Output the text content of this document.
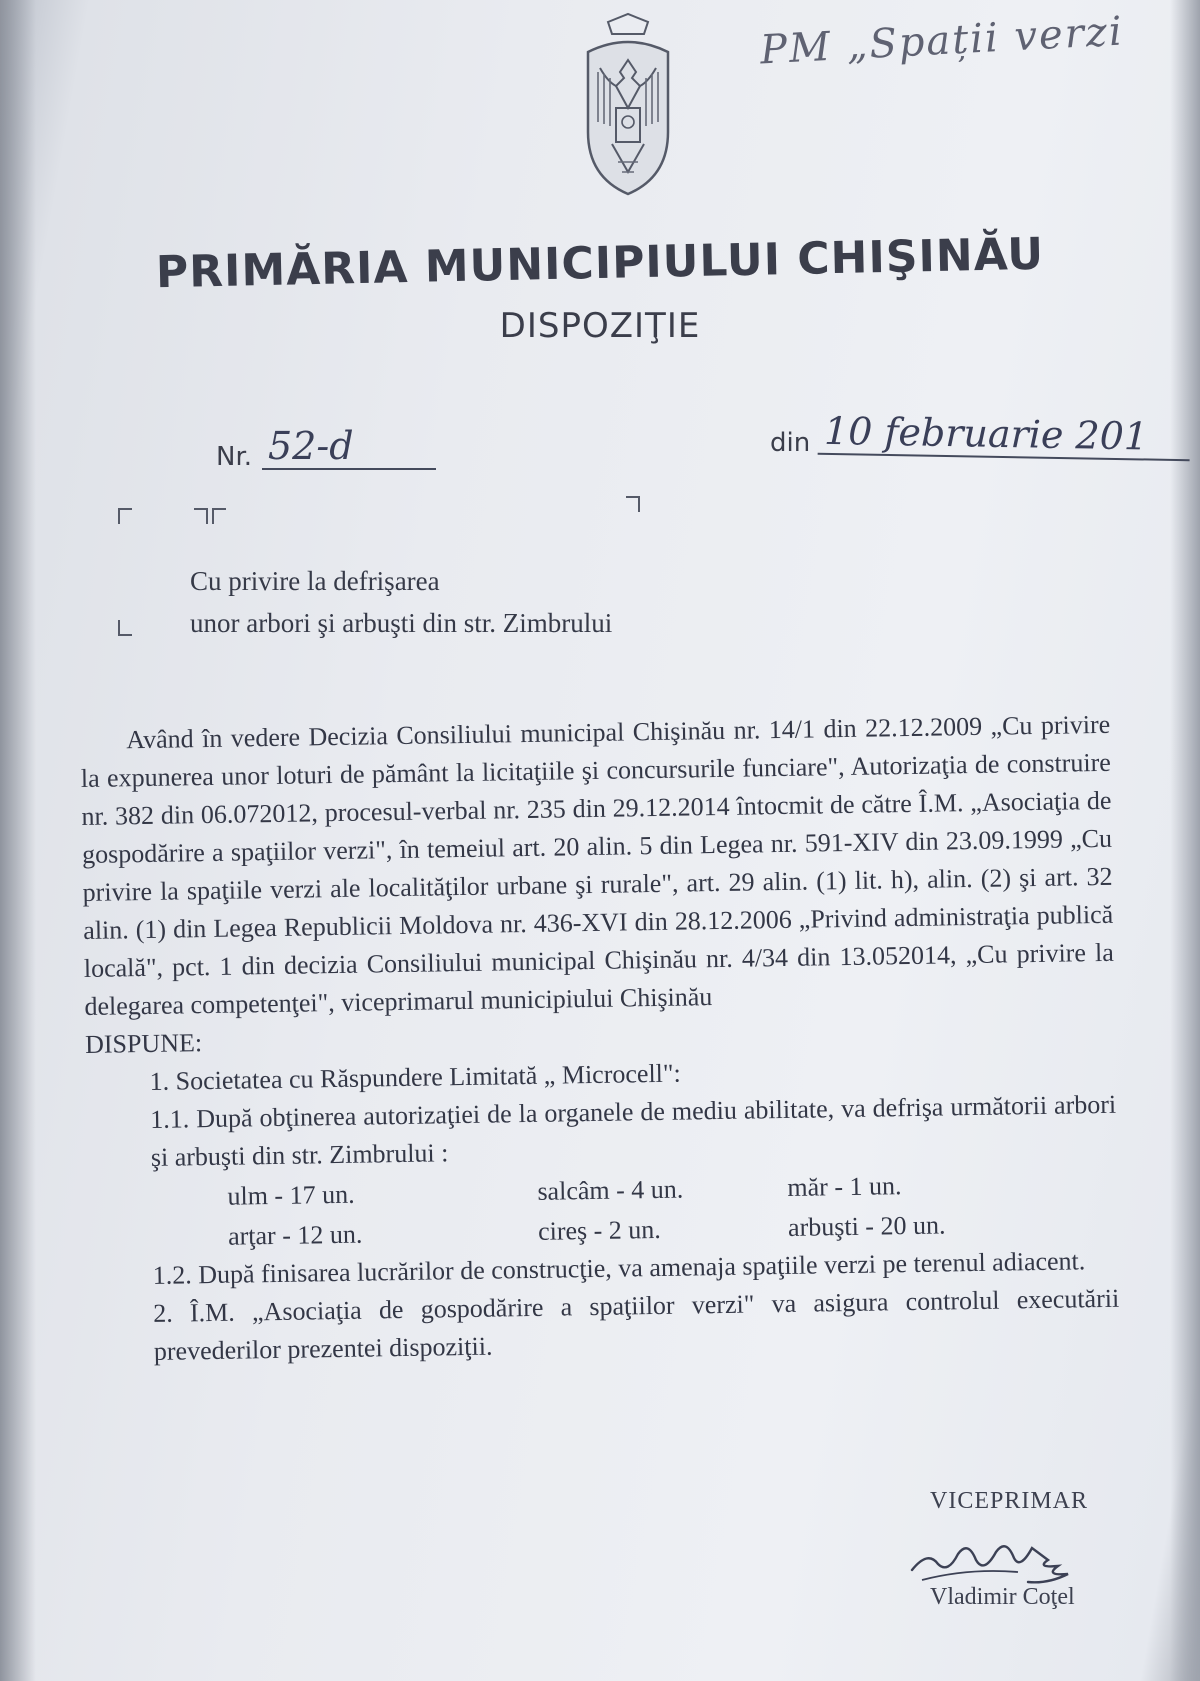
PM „Spații verzi
PRIMĂRIA MUNICIPIULUI CHIŞINĂU
DISPOZIŢIE
Nr. 52-d	din 10 februarie 201
Cu privire la defrişarea
unor arbori şi arbuşti din str. Zimbrului

Având în vedere Decizia Consiliului municipal Chişinău nr. 14/1 din 22.12.2009 „Cu privire la expunerea unor loturi de pământ la licitaţiile şi concursurile funciare", Autorizaţia de construire nr. 382 din 06.072012, procesul-verbal nr. 235 din 29.12.2014 întocmit de către Î.M. „Asociaţia de gospodărire a spaţiilor verzi", în temeiul art. 20 alin. 5 din Legea nr. 591-XIV din 23.09.1999 „Cu privire la spaţiile verzi ale localităţilor urbane şi rurale", art. 29 alin. (1) lit. h), alin. (2) şi art. 32 alin. (1) din Legea Republicii Moldova nr. 436-XVI din 28.12.2006 „Privind administraţia publică locală", pct. 1 din decizia Consiliului municipal Chişinău nr. 4/34 din 13.052014, „Cu privire la delegarea competenţei", viceprimarul municipiului Chişinău

DISPUNE:

1. Societatea cu Răspundere Limitată „ Microcell":

1.1. După obţinerea autorizaţiei de la organele de mediu abilitate, va defrişa următorii arbori şi arbuşti din str. Zimbrului :

ulm - 17 un.
arţar - 12 un.
salcâm - 4 un.
cireş - 2 un.
măr - 1 un.
arbuşti - 20 un.

1.2. După finisarea lucrărilor de construcţie, va amenaja spaţiile verzi pe terenul adiacent.

2. Î.M. „Asociaţia de gospodărire a spaţiilor verzi" va asigura controlul executării prevederilor prezentei dispoziţii.

VICEPRIMAR
Vladimir Coţel
